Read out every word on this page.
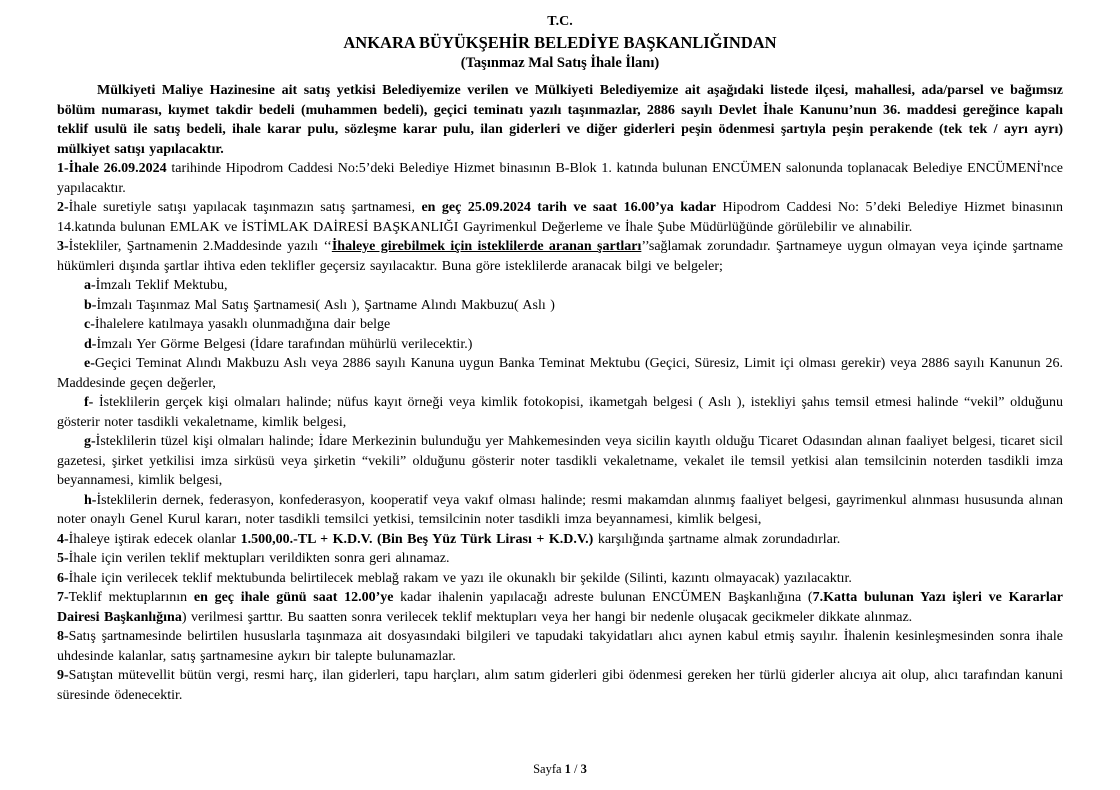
T.C.
ANKARA BÜYÜKŞEHİR BELEDİYE BAŞKANLIĞINDAN
(Taşınmaz Mal Satış İhale İlanı)

Mülkiyeti Maliye Hazinesine ait satış yetkisi Belediyemize verilen ve Mülkiyeti Belediyemize ait aşağıdaki listede ilçesi, mahallesi, ada/parsel ve bağımsız bölüm numarası, kıymet takdir bedeli (muhammen bedeli), geçici teminatı yazılı taşınmazlar, 2886 sayılı Devlet İhale Kanunu’nun 36. maddesi gereğince kapalı teklif usulü ile satış bedeli, ihale karar pulu, sözleşme karar pulu, ilan giderleri ve diğer giderleri peşin ödenmesi şartıyla peşin perakende (tek tek / ayrı ayrı) mülkiyet satışı yapılacaktır.

1-İhale 26.09.2024 tarihinde Hipodrom Caddesi No:5’deki Belediye Hizmet binasının B-Blok 1. katında bulunan ENCÜMEN salonunda toplanacak Belediye ENCÜMENİ'nce yapılacaktır.

2-İhale suretiyle satışı yapılacak taşınmazın satış şartnamesi, en geç 25.09.2024 tarih ve saat 16.00’ya kadar Hipodrom Caddesi No: 5’deki Belediye Hizmet binasının 14.katında bulunan EMLAK ve İSTİMLAK DAİRESİ BAŞKANLIĞI Gayrimenkul Değerleme ve İhale Şube Müdürlüğünde görülebilir ve alınabilir.

3-İstekliler, Şartnamenin 2.Maddesinde yazılı ‘‘İhaleye girebilmek için isteklilerde aranan şartları’’sağlamak zorundadır. Şartnameye uygun olmayan veya içinde şartname hükümleri dışında şartlar ihtiva eden teklifler geçersiz sayılacaktır. Buna göre isteklilerde aranacak bilgi ve belgeler;

a-İmzalı Teklif Mektubu,

b-İmzalı Taşınmaz Mal Satış Şartnamesi( Aslı ), Şartname Alındı Makbuzu( Aslı )

c-İhalelere katılmaya yasaklı olunmadığına dair belge

d-İmzalı Yer Görme Belgesi (İdare tarafından mühürlü verilecektir.)

e-Geçici Teminat Alındı Makbuzu Aslı veya 2886 sayılı Kanuna uygun Banka Teminat Mektubu (Geçici, Süresiz, Limit içi olması gerekir) veya 2886 sayılı Kanunun 26. Maddesinde geçen değerler,

f- İsteklilerin gerçek kişi olmaları halinde; nüfus kayıt örneği veya kimlik fotokopisi, ikametgah belgesi ( Aslı ), istekliyi şahıs temsil etmesi halinde “vekil” olduğunu gösterir noter tasdikli vekaletname, kimlik belgesi,

g-İsteklilerin tüzel kişi olmaları halinde; İdare Merkezinin bulunduğu yer Mahkemesinden veya sicilin kayıtlı olduğu Ticaret Odasından alınan faaliyet belgesi, ticaret sicil gazetesi, şirket yetkilisi imza sirküsü veya şirketin “vekili” olduğunu gösterir noter tasdikli vekaletname, vekalet ile temsil yetkisi alan temsilcinin noterden tasdikli imza beyannamesi, kimlik belgesi,

h-İsteklilerin dernek, federasyon, konfederasyon, kooperatif veya vakıf olması halinde; resmi makamdan alınmış faaliyet belgesi, gayrimenkul alınması hususunda alınan noter onaylı Genel Kurul kararı, noter tasdikli temsilci yetkisi, temsilcinin noter tasdikli imza beyannamesi, kimlik belgesi,

4-İhaleye iştirak edecek olanlar 1.500,00.-TL + K.D.V. (Bin Beş Yüz Türk Lirası + K.D.V.) karşılığında şartname almak zorundadırlar.

5-İhale için verilen teklif mektupları verildikten sonra geri alınamaz.

6-İhale için verilecek teklif mektubunda belirtilecek meblağ rakam ve yazı ile okunaklı bir şekilde (Silinti, kazıntı olmayacak) yazılacaktır.

7-Teklif mektuplarının en geç ihale günü saat 12.00’ye kadar ihalenin yapılacağı adreste bulunan ENCÜMEN Başkanlığına (7.Katta bulunan Yazı işleri ve Kararlar Dairesi Başkanlığına) verilmesi şarttır. Bu saatten sonra verilecek teklif mektupları veya her hangi bir nedenle oluşacak gecikmeler dikkate alınmaz.

8-Satış şartnamesinde belirtilen hususlarla taşınmaza ait dosyasındaki bilgileri ve tapudaki takyidatları alıcı aynen kabul etmiş sayılır. İhalenin kesinleşmesinden sonra ihale uhdesinde kalanlar, satış şartnamesine aykırı bir talepte bulunamazlar.

9-Satıştan mütevellit bütün vergi, resmi harç, ilan giderleri, tapu harçları, alım satım giderleri gibi ödenmesi gereken her türlü giderler alıcıya ait olup, alıcı tarafından kanuni süresinde ödenecektir.

Sayfa 1 / 3
